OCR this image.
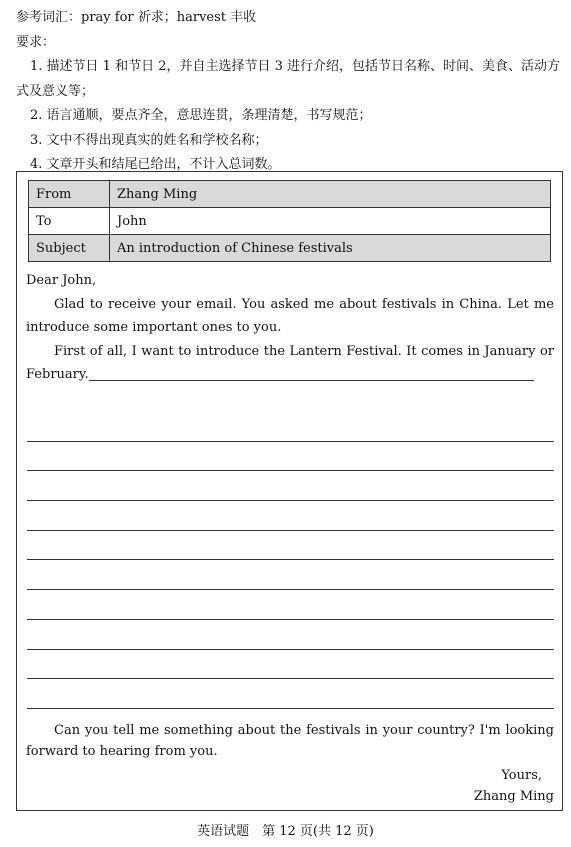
参考词汇：pray for 祈求；harvest 丰收
要求：
1. 描述节日 1 和节日 2，并自主选择节日 3 进行介绍，包括节日名称、时间、美食、活动方式及意义等；
2. 语言通顺，要点齐全，意思连贯，条理清楚，书写规范；
3. 文中不得出现真实的姓名和学校名称；
4. 文章开头和结尾已给出，不计入总词数。
From	Zhang Ming
To	John
Subject	An introduction of Chinese festivals

Dear John,

Glad to receive your email. You asked me about festivals in China. Let me introduce some important ones to you.

First of all, I want to introduce the Lantern Festival. It comes in January or February.

Can you tell me something about the festivals in your country? I'm looking forward to hearing from you.

Yours,

Zhang Ming

英语试题　第 12 页(共 12 页)
